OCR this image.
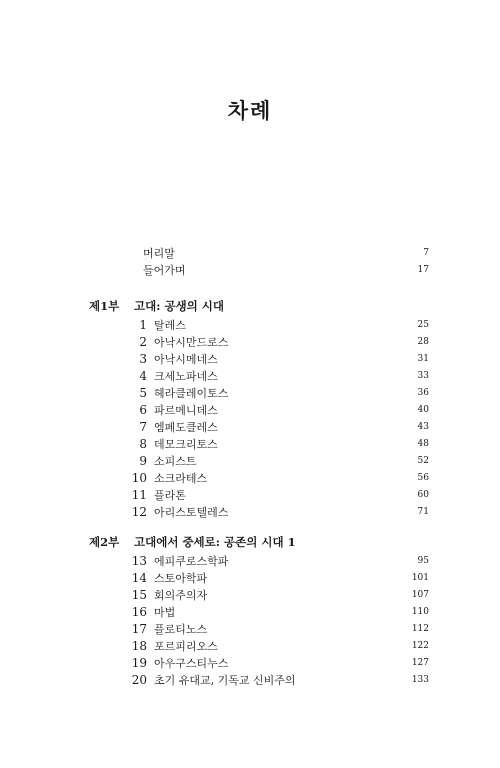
차례
머리말	7
들어가며	17
제1부 고대: 공생의 시대
1 탈레스	25
2 아낙시만드로스	28
3 아낙시메네스	31
4 크세노파네스	33
5 헤라클레이토스	36
6 파르메니데스	40
7 엠페도클레스	43
8 데모크리토스	48
9 소피스트	52
10 소크라테스	56
11 플라톤	60
12 아리스토텔레스	71
제2부 고대에서 중세로: 공존의 시대 1
13 에피쿠로스학파	95
14 스토아학파	101
15 회의주의자	107
16 마법	110
17 플로티노스	112
18 포르피리오스	122
19 아우구스티누스	127
20 초기 유대교, 기독교 신비주의	133
